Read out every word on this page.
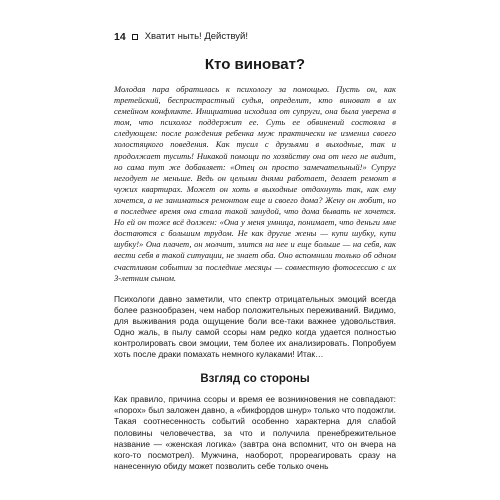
14 Хватит ныть! Действуй!
Кто виноват?

Молодая пара обратилась к психологу за помощью. Пусть он, как третейский, беспристрастный судья, определит, кто виноват в их семейном конфликте. Инициатива исходила от супруги, она была уверена в том, что психолог поддержит ее. Суть ее обвинений состояла в следующем: после рождения ребенка муж практически не изменил своего холостяцкого поведения. Как тусил с друзьями в выходные, так и продолжает тусить! Никакой помощи по хозяйству она от него не видит, но сама тут же добавляет: «Отец он просто замечательный!» Супруг негодует не меньше. Ведь он целыми днями работает, делает ремонт в чужих квартирах. Может он хоть в выходные отдохнуть так, как ему хочется, а не заниматься ремонтом еще и своего дома? Жену он любит, но в последнее время она стала такой занудой, что дома бывать не хочется. Но ей он тоже всё должен: «Она у меня умница, понимает, что деньги мне достаются с большим трудом. Не как другие жены — купи шубку, купи шубку!» Она плачет, он молчит, злится на нее и еще больше — на себя, как вести себя в такой ситуации, не знает оба. Оно вспомнили только об одном счастливом событии за последние месяцы — совместную фотосессию с их 3-летним сыном.

Психологи давно заметили, что спектр отрицательных эмоций всегда более разнообразен, чем набор положительных переживаний. Видимо, для выживания рода ощущение боли все-таки важнее удовольствия. Одно жаль, в пылу самой ссоры нам редко когда удается полностью контролировать свои эмоции, тем более их анализировать. Попробуем хоть после драки помахать немного кулаками! Итак…

Взгляд со стороны

Как правило, причина ссоры и время ее возникновения не совпадают: «порох» был заложен давно, а «бикфордов шнур» только что подожгли. Такая соотнесенность событий особенно характерна для слабой половины человечества, за что и получила пренебрежительное название — «женская логика» (завтра она вспомнит, что он вчера на кого-то посмотрел). Мужчина, наоборот, прореагировать сразу на нанесенную обиду может позволить себе только очень
